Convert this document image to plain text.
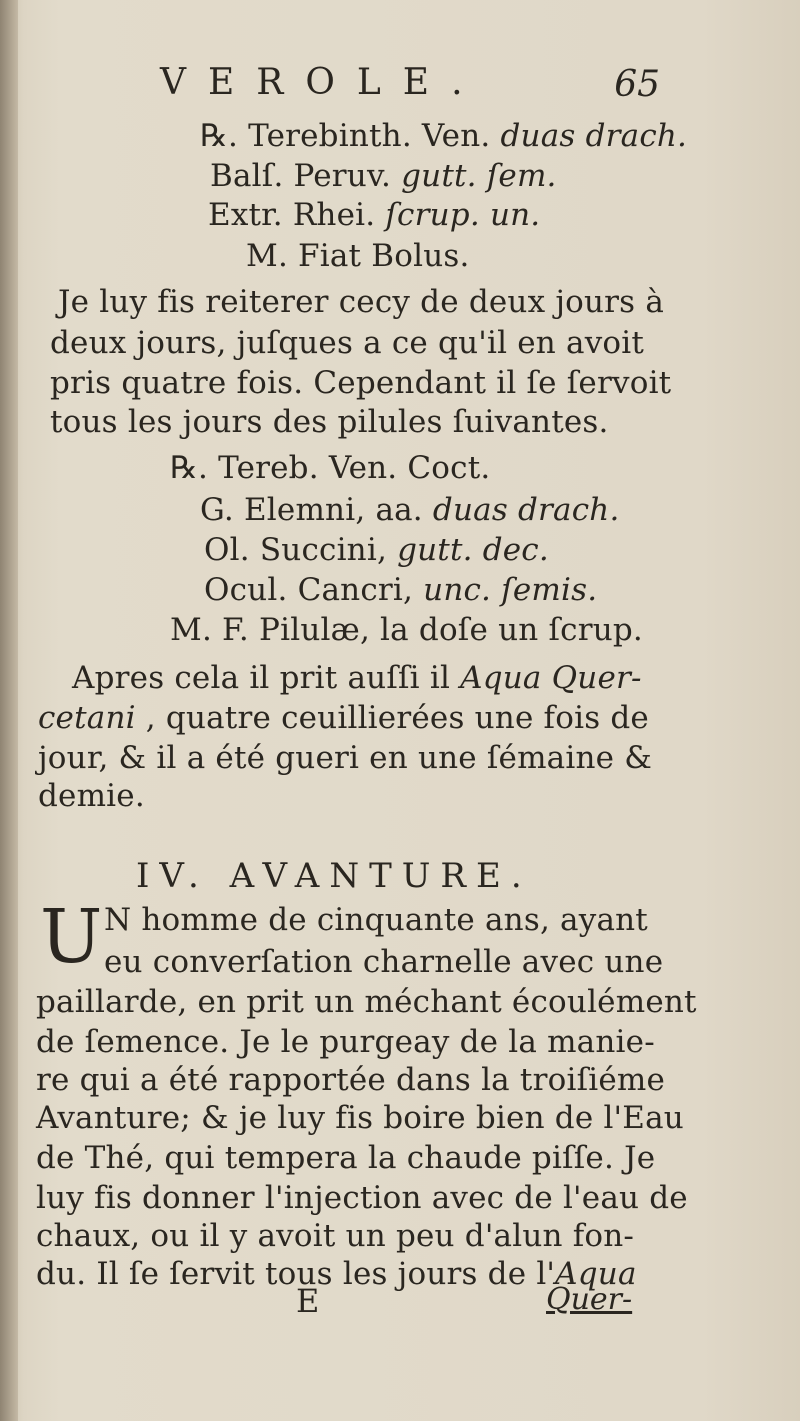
VEROLE.	65
℞. Terebinth. Ven. duas drach.
Balſ. Peruv. gutt. ſem.
Extr. Rhei. ſcrup. un.
M. Fiat Bolus.
Je luy fis reiterer cecy de deux jours à
deux jours, juſques a ce qu'il en avoit
pris quatre fois. Cependant il ſe ſervoit
tous les jours des pilules ſuivantes.
℞. Tereb. Ven. Coct.
G. Elemni, aa. duas drach.
Ol. Succini, gutt. dec.
Ocul. Cancri, unc. ſemis.
M. F. Pilulæ, la doſe un ſcrup.
Apres cela il prit auſſi il Aqua Quer-
cetani , quatre ceuillierées une fois de
jour, & il a été gueri en une ſémaine &
demie.
IV. AVANTURE.
U N homme de cinquante ans, ayant
eu converſation charnelle avec une
paillarde, en prit un méchant écoulément
de ſemence. Je le purgeay de la manie-
re qui a été rapportée dans la troiſiéme
Avanture; & je luy fis boire bien de l'Eau
de Thé, qui tempera la chaude piſſe. Je
luy fis donner l'injection avec de l'eau de
chaux, ou il y avoit un peu d'alun fon-
du. Il ſe ſervit tous les jours de l'Aqua
E	Quer-
